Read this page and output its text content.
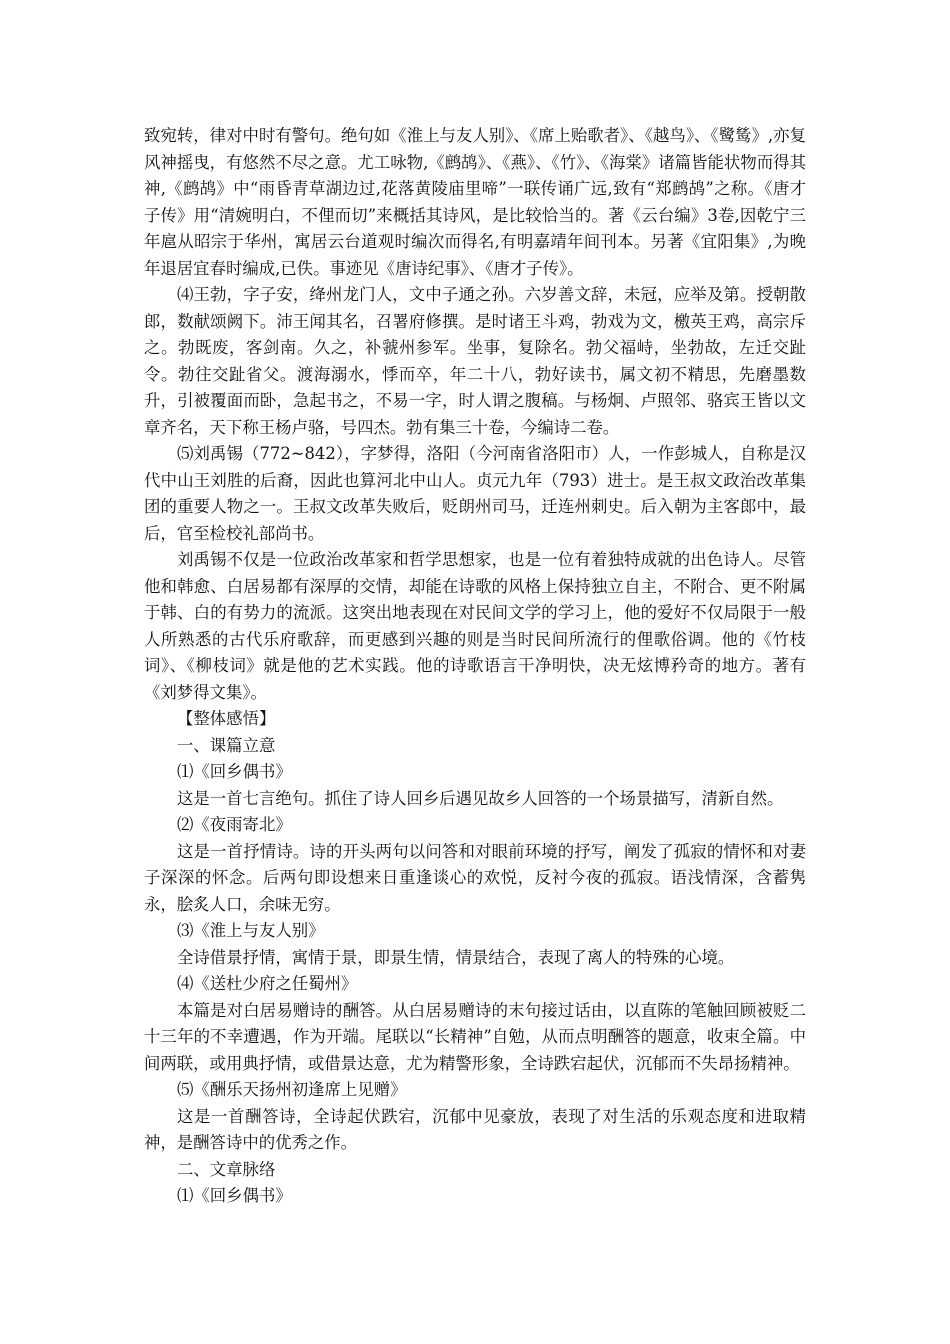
致宛转，律对中时有警句。绝句如《淮上与友人别》、《席上贻歌者》、《越鸟》、《鹭鸶》,亦复风神摇曳，有悠然不尽之意。尤工咏物,《鹧鸪》、《燕》、《竹》、《海棠》诸篇皆能状物而得其神,《鹧鸪》中“雨昏青草湖边过,花落黄陵庙里啼”一联传诵广远,致有“郑鹧鸪”之称。《唐才子传》用“清婉明白，不俚而切”来概括其诗风，是比较恰当的。著《云台编》3卷,因乾宁三年扈从昭宗于华州，寓居云台道观时编次而得名,有明嘉靖年间刊本。另著《宜阳集》,为晚年退居宜春时编成,已佚。事迹见《唐诗纪事》、《唐才子传》。

⑷王勃，字子安，绛州龙门人，文中子通之孙。六岁善文辞，未冠，应举及第。授朝散郎，数献颂阙下。沛王闻其名，召署府修撰。是时诸王斗鸡，勃戏为文，檄英王鸡，高宗斥之。勃既废，客剑南。久之，补虢州参军。坐事，复除名。勃父福峙，坐勃故，左迁交趾令。勃往交趾省父。渡海溺水，悸而卒，年二十八，勃好读书，属文初不精思，先磨墨数升，引被覆面而卧，急起书之，不易一字，时人谓之腹稿。与杨炯、卢照邻、骆宾王皆以文章齐名，天下称王杨卢骆，号四杰。勃有集三十卷，今编诗二卷。

⑸刘禹锡（772~842），字梦得，洛阳（今河南省洛阳市）人，一作彭城人，自称是汉代中山王刘胜的后裔，因此也算河北中山人。贞元九年（793）进士。是王叔文政治改革集团的重要人物之一。王叔文改革失败后，贬朗州司马，迁连州刺史。后入朝为主客郎中，最后，官至检校礼部尚书。

刘禹锡不仅是一位政治改革家和哲学思想家，也是一位有着独特成就的出色诗人。尽管他和韩愈、白居易都有深厚的交情，却能在诗歌的风格上保持独立自主，不附合、更不附属于韩、白的有势力的流派。这突出地表现在对民间文学的学习上，他的爱好不仅局限于一般人所熟悉的古代乐府歌辞，而更感到兴趣的则是当时民间所流行的俚歌俗调。他的《竹枝词》、《柳枝词》就是他的艺术实践。他的诗歌语言干净明快，决无炫博矜奇的地方。著有《刘梦得文集》。

【整体感悟】

一、课篇立意

⑴《回乡偶书》

这是一首七言绝句。抓住了诗人回乡后遇见故乡人回答的一个场景描写，清新自然。

⑵《夜雨寄北》

这是一首抒情诗。诗的开头两句以问答和对眼前环境的抒写，阐发了孤寂的情怀和对妻子深深的怀念。后两句即设想来日重逢谈心的欢悦，反衬今夜的孤寂。语浅情深，含蓄隽永，脍炙人口，余味无穷。

⑶《淮上与友人别》

全诗借景抒情，寓情于景，即景生情，情景结合，表现了离人的特殊的心境。

⑷《送杜少府之任蜀州》

本篇是对白居易赠诗的酬答。从白居易赠诗的末句接过话由，以直陈的笔触回顾被贬二十三年的不幸遭遇，作为开端。尾联以“长精神”自勉，从而点明酬答的题意，收束全篇。中间两联，或用典抒情，或借景达意，尤为精警形象，全诗跌宕起伏，沉郁而不失昂扬精神。

⑸《酬乐天扬州初逢席上见赠》

这是一首酬答诗，全诗起伏跌宕，沉郁中见豪放，表现了对生活的乐观态度和进取精神，是酬答诗中的优秀之作。

二、文章脉络

⑴《回乡偶书》
